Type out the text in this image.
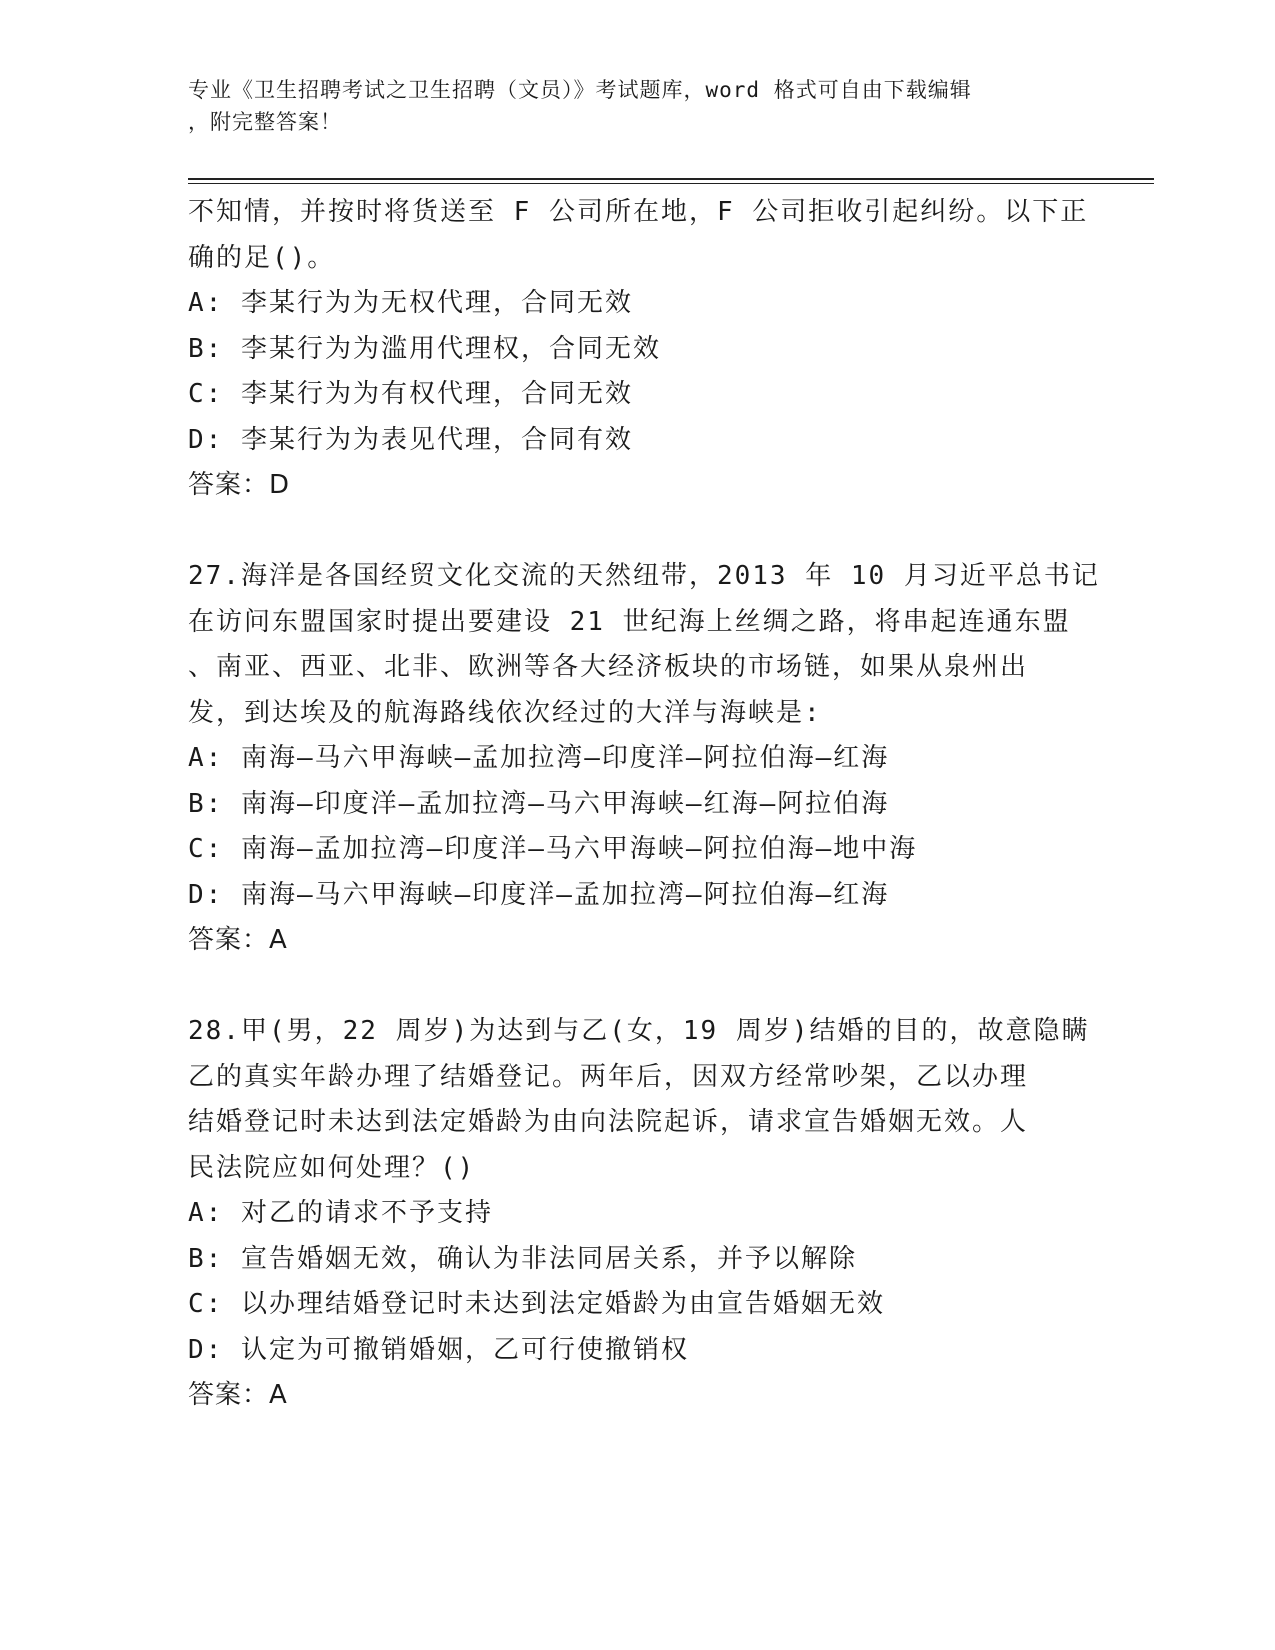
专业《卫生招聘考试之卫生招聘（文员）》考试题库，word 格式可自由下载编辑
，附完整答案！
不知情，并按时将货送至 F 公司所在地，F 公司拒收引起纠纷。以下正
确的足()。
A: 李某行为为无权代理，合同无效
B: 李某行为为滥用代理权，合同无效
C: 李某行为为有权代理，合同无效
D: 李某行为为表见代理，合同有效
答案：D
27.海洋是各国经贸文化交流的天然纽带，2013 年 10 月习近平总书记
在访问东盟国家时提出要建设 21 世纪海上丝绸之路，将串起连通东盟
、南亚、西亚、北非、欧洲等各大经济板块的市场链，如果从泉州出
发，到达埃及的航海路线依次经过的大洋与海峡是:
A: 南海—马六甲海峡—孟加拉湾—印度洋—阿拉伯海—红海
B: 南海—印度洋—孟加拉湾—马六甲海峡—红海—阿拉伯海
C: 南海—孟加拉湾—印度洋—马六甲海峡—阿拉伯海—地中海
D: 南海—马六甲海峡—印度洋—孟加拉湾—阿拉伯海—红海
答案：A
28.甲(男，22 周岁)为达到与乙(女，19 周岁)结婚的目的，故意隐瞒
乙的真实年龄办理了结婚登记。两年后，因双方经常吵架，乙以办理
结婚登记时未达到法定婚龄为由向法院起诉，请求宣告婚姻无效。人
民法院应如何处理？()
A: 对乙的请求不予支持
B: 宣告婚姻无效，确认为非法同居关系，并予以解除
C: 以办理结婚登记时未达到法定婚龄为由宣告婚姻无效
D: 认定为可撤销婚姻，乙可行使撤销权
答案：A
